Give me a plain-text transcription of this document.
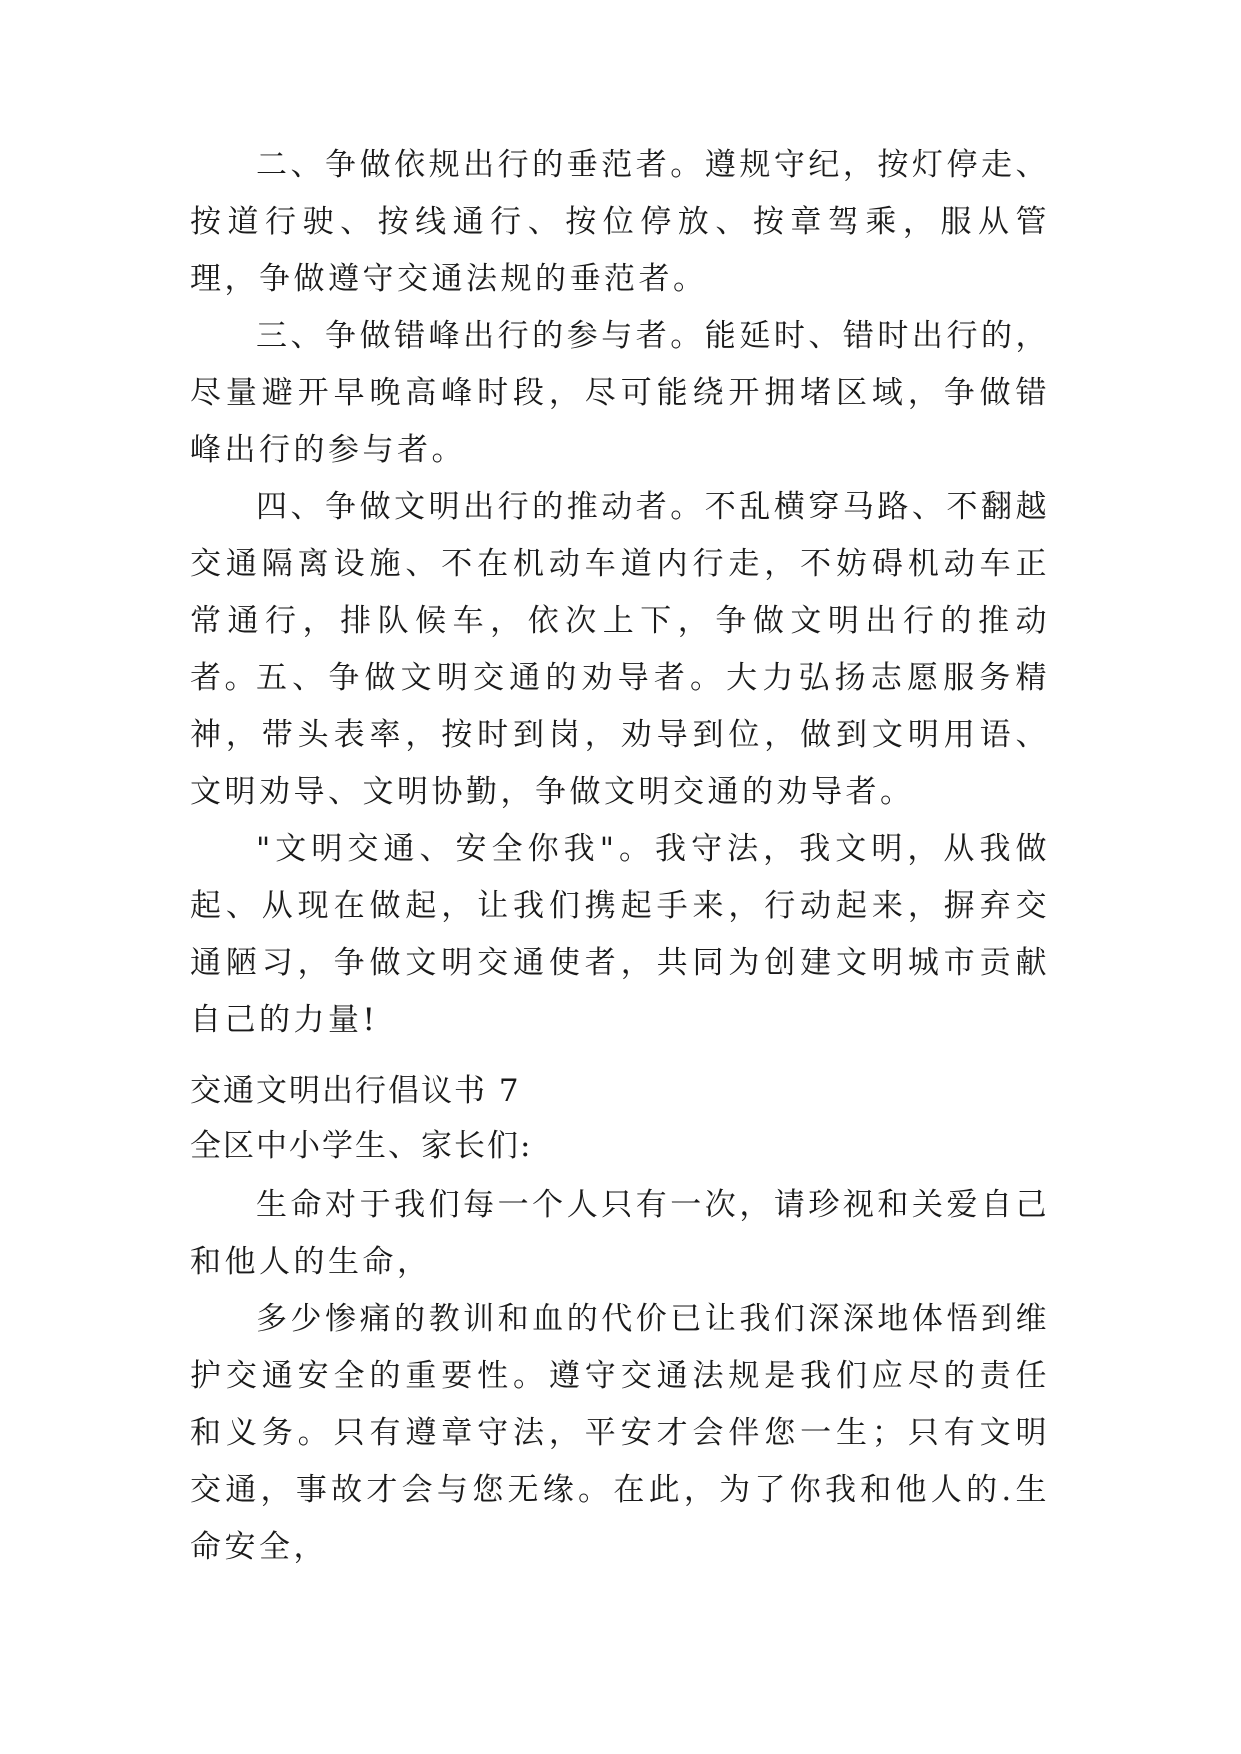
二、争做依规出行的垂范者。遵规守纪，按灯停走、按道行驶、按线通行、按位停放、按章驾乘，服从管理，争做遵守交通法规的垂范者。

三、争做错峰出行的参与者。能延时、错时出行的，尽量避开早晚高峰时段，尽可能绕开拥堵区域，争做错峰出行的参与者。

四、争做文明出行的推动者。不乱横穿马路、不翻越交通隔离设施、不在机动车道内行走，不妨碍机动车正常通行，排队候车，依次上下，争做文明出行的推动者。

五、争做文明交通的劝导者。大力弘扬志愿服务精神，带头表率，按时到岗，劝导到位，做到文明用语、文明劝导、文明协勤，争做文明交通的劝导者。

"文明交通、安全你我"。我守法，我文明，从我做起、从现在做起，让我们携起手来，行动起来，摒弃交通陋习，争做文明交通使者，共同为创建文明城市贡献自己的力量!

交通文明出行倡议书 7
全区中小学生、家长们:

生命对于我们每一个人只有一次，请珍视和关爱自己和他人的生命，

多少惨痛的教训和血的代价已让我们深深地体悟到维护交通安全的重要性。遵守交通法规是我们应尽的责任和义务。只有遵章守法，平安才会伴您一生；只有文明交通，事故才会与您无缘。在此，为了你我和他人的.生命安全，
